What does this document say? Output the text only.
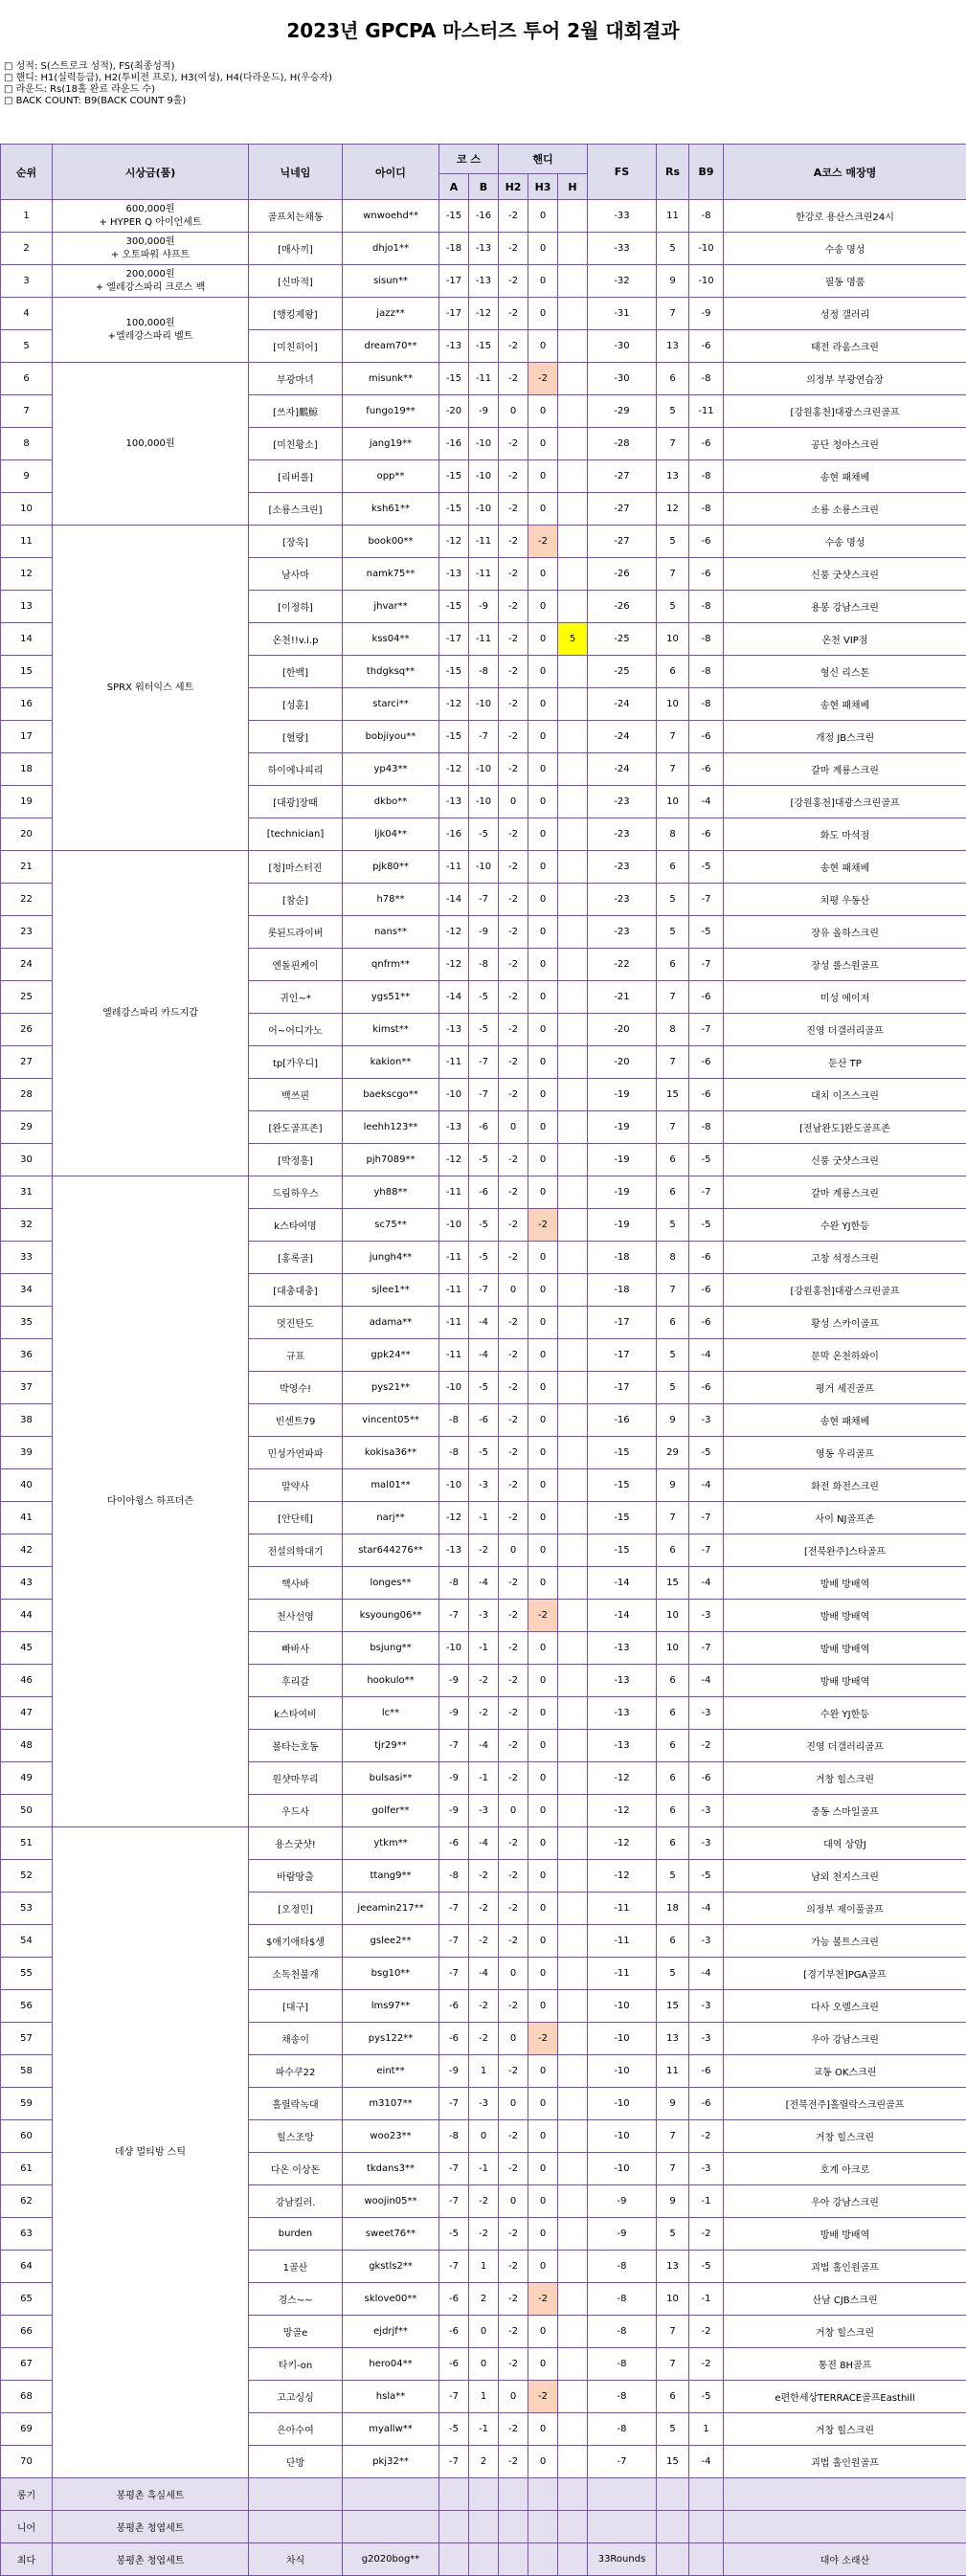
2023년 GPCPA 마스터즈 투어 2월 대회결과
□ 성적: S(스트로크 성적), FS(최종성적)
□ 핸디: H1(실력등급), H2(투비전 프로), H3(여성), H4(다라운드), H(우승자)
□ 라운드: Rs(18홀 완료 라운드 수)
□ BACK COUNT: B9(BACK COUNT 9홀)
순위	시상금(품)	닉네임	아이디	코 스		핸디			FS	Rs	B9	A코스 매장명
				A	B	H2	H3	H				
1	600,000원
+ HYPER Q 아이언세트	골프치는채동	wnwoehd**	-15	-16	-2	0		-33	11	-8	한강로 용산스크린24시
2	300,000원
+ 오토파워 샤프트	[매사끼]	dhjo1**	-18	-13	-2	0		-33	5	-10	수송 명성
3	200,000원
+ 엘레강스파리 크로스 백	[신마적]	sisun**	-17	-13	-2	0		-32	9	-10	필동 명품
4	100,000원
+엘레강스파리 벨트	[행킹제왕]	jazz**	-17	-12	-2	0		-31	7	-9	성정 갤러리
5		[미친히어]	dream70**	-13	-15	-2	0		-30	13	-6	태전 라움스크린
6	100,000원	부광마녀	misunk**	-15	-11	-2	-2		-30	6	-8	의정부 부광연습장
7		[쓰자]鵬鯨	fungo19**	-20	-9	0	0		-29	5	-11	[강원홍천]대광스크린골프
8		[미친황소]	jang19**	-16	-10	-2	0		-28	7	-6	공단 청아스크린
9		[리버롤]	opp**	-15	-10	-2	0		-27	13	-8	송현 패채베
10		[소룡스크린]	ksh61**	-15	-10	-2	0		-27	12	-8	소룡 소룡스크린
11	SPRX 워터익스 세트	[장욱]	book00**	-12	-11	-2	-2		-27	5	-6	수송 명성
12		남사마	namk75**	-13	-11	-2	0		-26	7	-6	신풍 굿샷스크린
13		[이정하]	jhvar**	-15	-9	-2	0		-26	5	-8	용봉 강남스크린
14		온천!!v.i.p	kss04**	-17	-11	-2	0	5	-25	10	-8	온천 VIP점
15		[한백]	thdgksq**	-15	-8	-2	0		-25	6	-8	형신 리스톤
16		[성훈]	starci**	-12	-10	-2	0		-24	10	-8	송현 패채베
17		[혈랑]	bobjiyou**	-15	-7	-2	0		-24	7	-6	개정 JB스크린
18		하이에나피리	yp43**	-12	-10	-2	0		-24	7	-6	갈마 계룡스크린
19		[대광]장때	dkbo**	-13	-10	0	0		-23	10	-4	[강원홍천]대광스크린골프
20		[technician]	ljk04**	-16	-5	-2	0		-23	8	-6	화도 마석점
21	엘레강스파리 카드지갑	[청]마스터진	pjk80**	-11	-10	-2	0		-23	6	-5	송현 패채베
22		[참순]	h78**	-14	-7	-2	0		-23	5	-7	치평 우동산
23		롯된드라이버	nans**	-12	-9	-2	0		-23	5	-5	장유 올하스크린
24		엔돌핀케이	qnfrm**	-12	-8	-2	0		-22	6	-7	장성 롤스원골프
25		귀인~*	ygs51**	-14	-5	-2	0		-21	7	-6	미성 에이저
26		어~어디가노	kimst**	-13	-5	-2	0		-20	8	-7	진영 더갤러리골프
27		tp[가우디]	kakion**	-11	-7	-2	0		-20	7	-6	둔산 TP
28		백쓰핀	baekscgo**	-10	-7	-2	0		-19	15	-6	대치 이즈스크린
29		[완도골프존]	leehh123**	-13	-6	0	0		-19	7	-8	[전남완도]완도골프존
30		[박정흥]	pjh7089**	-12	-5	-2	0		-19	6	-5	신풍 굿샷스크린
31	다이아윙스 하프더즌	드림하우스	yh88**	-11	-6	-2	0		-19	6	-7	갈마 계룡스크린
32		k스타여명	sc75**	-10	-5	-2	-2		-19	5	-5	수완 YJ한등
33		[홍록골]	jungh4**	-11	-5	-2	0		-18	8	-6	고창 석정스크린
34		[대충대충]	sjlee1**	-11	-7	0	0		-18	7	-6	[강원홍천]대광스크린골프
35		멋진탄도	adama**	-11	-4	-2	0		-17	6	-6	황성 스카이골프
36		규표	gpk24**	-11	-4	-2	0		-17	5	-4	문막 온천하와이
37		박영수!	pys21**	-10	-5	-2	0		-17	5	-6	평거 세진골프
38		빈센트79	vincent05**	-8	-6	-2	0		-16	9	-3	송현 패채베
39		민성가연파파	kokisa36**	-8	-5	-2	0		-15	29	-5	영동 우리골프
40		말약사	mal01**	-10	-3	-2	0		-15	9	-4	화전 화전스크린
41		[안단테]	narj**	-12	-1	-2	0		-15	7	-7	사이 NJ골프존
42		전설의학대기	star644276**	-13	-2	0	0		-15	6	-7	[전북완주]스타골프
43		핵사바	longes**	-8	-4	-2	0		-14	15	-4	방배 방배역
44		천사선영	ksyoung06**	-7	-3	-2	-2		-14	10	-3	방배 방배역
45		빠바사	bsjung**	-10	-1	-2	0		-13	10	-7	방배 방배역
46		후리갈	hookulo**	-9	-2	-2	0		-13	6	-4	방배 방배역
47		k스타여비	lc**	-9	-2	-2	0		-13	6	-3	수완 YJ한등
48		볼타는호동	tjr29**	-7	-4	-2	0		-13	6	-2	진영 더갤러리골프
49		원샷마무리	bulsasi**	-9	-1	-2	0		-12	6	-6	거창 힐스크린
50		우드사	golfer**	-9	-3	0	0		-12	6	-3	중동 스마일골프
51	데샹 멀티밤 스틱	용스굿샷!	ytkm**	-6	-4	-2	0		-12	6	-3	대역 상암J
52		바람땅출	ttang9**	-8	-2	-2	0		-12	5	-5	남외 천지스크린
53		[오정민]	jeeamin217**	-7	-2	-2	0		-11	18	-4	의정부 제이풀골프
54		$애기애타$생	gslee2**	-7	-2	-2	0		-11	6	-3	가능 볼트스크린
55		소독천불개	bsg10**	-7	-4	0	0		-11	5	-4	[경기부천]PGA골프
56		[대구]	lms97**	-6	-2	-2	0		-10	15	-3	다사 오렐스크린
57		채송이	pys122**	-6	-2	0	-2		-10	13	-3	우아 강남스크린
58		파수쿠22	eint**	-9	1	-2	0		-10	11	-6	교동 OK스크린
59		홀릴락녹대	m3107**	-7	-3	0	0		-10	9	-6	[전북전주]홀릴락스크린골프
60		힐스조앙	woo23**	-8	0	-2	0		-10	7	-2	거창 힐스크린
61		다온 이상돈	tkdans3**	-7	-1	-2	0		-10	7	-3	호계 아크로
62		강남킬러.	woojin05**	-7	-2	0	0		-9	9	-1	우아 강남스크린
63		burden	sweet76**	-5	-2	-2	0		-9	5	-2	방배 방배역
64		1골산	gkstls2**	-7	1	-2	0		-8	13	-5	괴법 홀인원골프
65		경스~~	sklove00**	-6	2	-2	-2		-8	10	-1	산남 CJB스크린
66		망골e	ejdrjf**	-6	0	-2	0		-8	7	-2	거창 힐스크린
67		타키-on	hero04**	-6	0	-2	0		-8	7	-2	통전 8H골프
68		고고싱싱	hsla**	-7	1	0	-2		-8	6	-5	e편한세상TERRACE골프Easthill
69		은아수여	myallw**	-5	-1	-2	0		-8	5	1	거창 힐스크린
70		단방	pkj32**	-7	2	-2	0		-7	15	-4	괴법 홀인원골프
롱기	봉평촌 흑실세트											
니어	봉평촌 청엽세트											
최다	봉평촌 청엽세트	차식	g2020bog**						33Rounds			대야 소래산
